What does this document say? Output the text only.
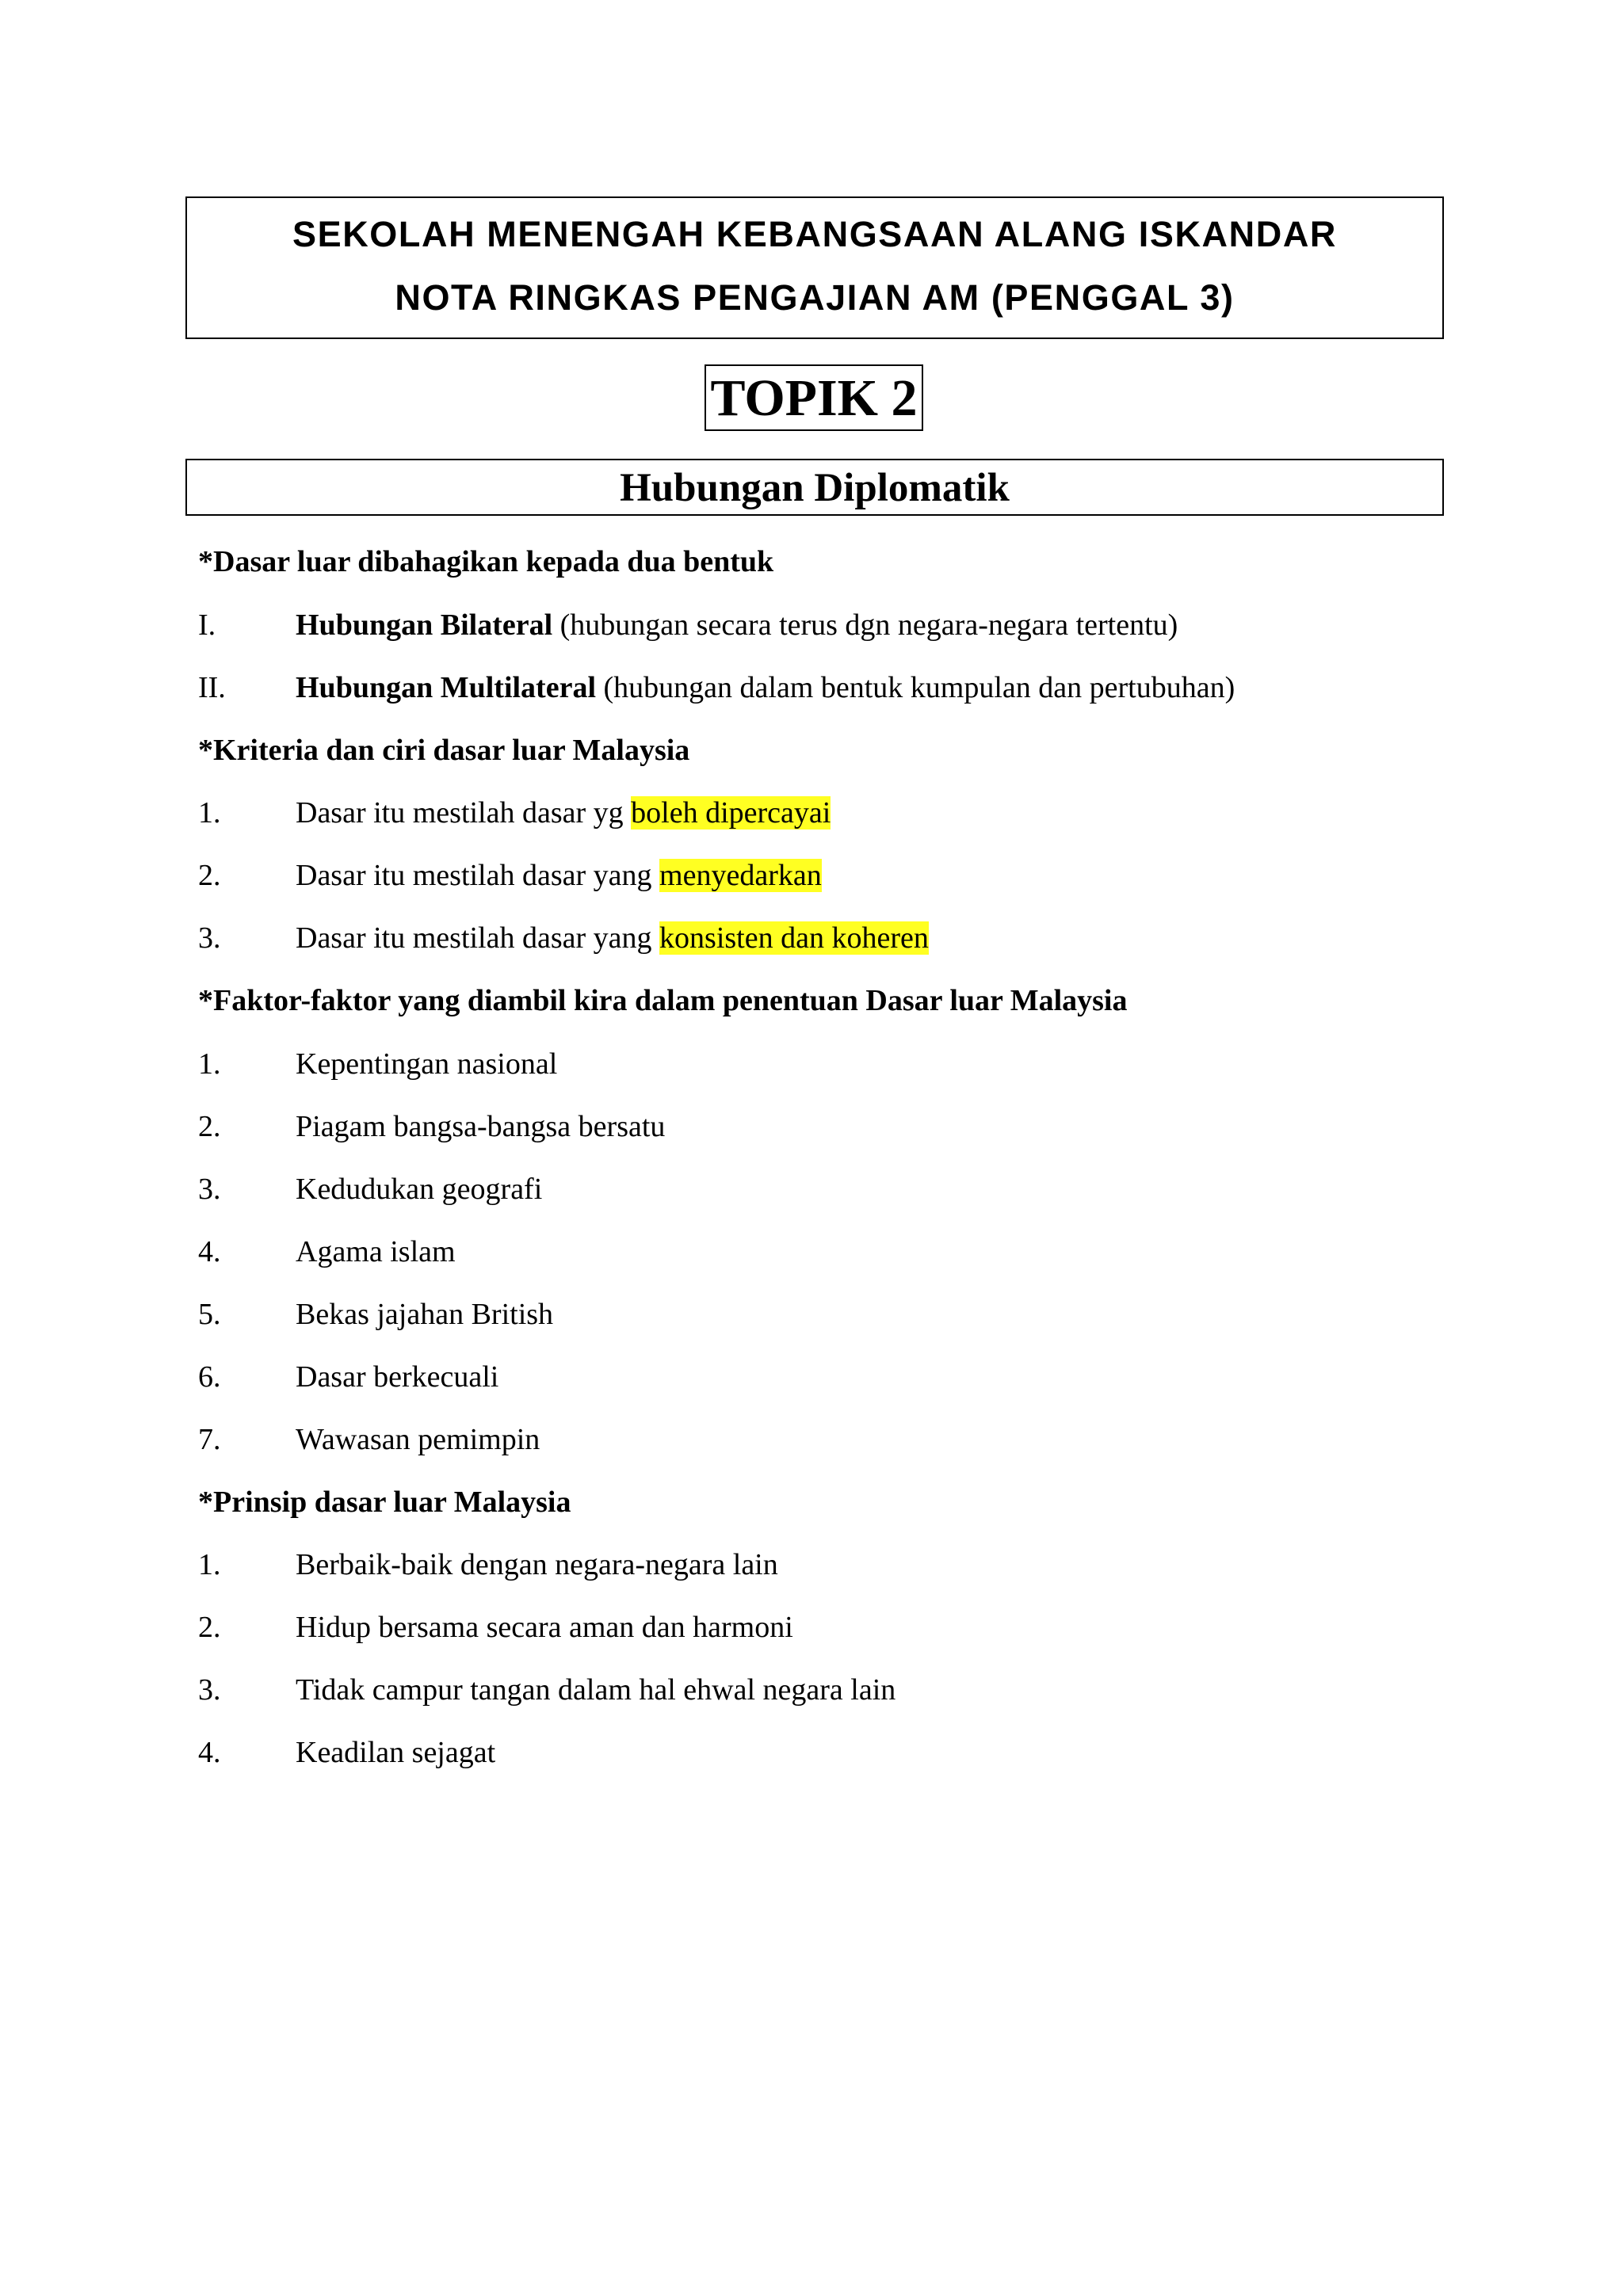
SEKOLAH MENENGAH KEBANGSAAN ALANG ISKANDAR
NOTA RINGKAS PENGAJIAN AM (PENGGAL 3)
TOPIK 2
Hubungan Diplomatik
*Dasar luar dibahagikan kepada dua bentuk
I.	Hubungan Bilateral (hubungan secara terus dgn negara-negara tertentu)
II. Hubungan Multilateral (hubungan dalam bentuk kumpulan dan pertubuhan)
*Kriteria dan ciri dasar luar Malaysia
1. Dasar itu mestilah dasar yg boleh dipercayai
2. Dasar itu mestilah dasar yang menyedarkan
3. Dasar itu mestilah dasar yang konsisten dan koheren
*Faktor-faktor yang diambil kira dalam penentuan Dasar luar Malaysia
1. Kepentingan nasional
2. Piagam bangsa-bangsa bersatu
3. Kedudukan geografi
4. Agama islam
5. Bekas jajahan British
6. Dasar berkecuali
7. Wawasan pemimpin
*Prinsip dasar luar Malaysia
1. Berbaik-baik dengan negara-negara lain
2. Hidup bersama secara aman dan harmoni
3. Tidak campur tangan dalam hal ehwal negara lain
4. Keadilan sejagat
